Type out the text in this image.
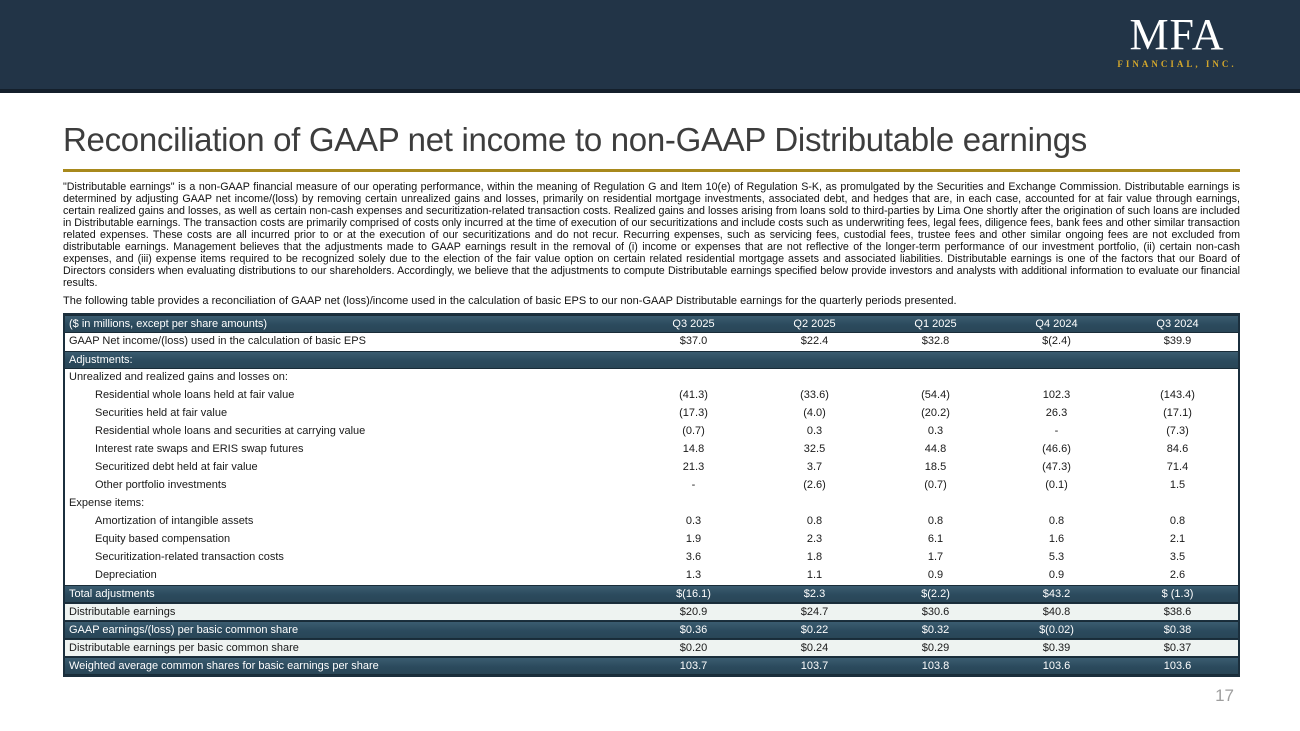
MFA
FINANCIAL, INC.
Reconciliation of GAAP net income to non-GAAP Distributable earnings

"Distributable earnings" is a non-GAAP financial measure of our operating performance, within the meaning of Regulation G and Item 10(e) of Regulation S-K, as promulgated by the Securities and Exchange Commission. Distributable earnings is determined by adjusting GAAP net income/(loss) by removing certain unrealized gains and losses, primarily on residential mortgage investments, associated debt, and hedges that are, in each case, accounted for at fair value through earnings, certain realized gains and losses, as well as certain non-cash expenses and securitization-related transaction costs. Realized gains and losses arising from loans sold to third-parties by Lima One shortly after the origination of such loans are included in Distributable earnings. The transaction costs are primarily comprised of costs only incurred at the time of execution of our securitizations and include costs such as underwriting fees, legal fees, diligence fees, bank fees and other similar transaction related expenses. These costs are all incurred prior to or at the execution of our securitizations and do not recur. Recurring expenses, such as servicing fees, custodial fees, trustee fees and other similar ongoing fees are not excluded from distributable earnings. Management believes that the adjustments made to GAAP earnings result in the removal of (i) income or expenses that are not reflective of the longer-term performance of our investment portfolio, (ii) certain non-cash expenses, and (iii) expense items required to be recognized solely due to the election of the fair value option on certain related residential mortgage assets and associated liabilities. Distributable earnings is one of the factors that our Board of Directors considers when evaluating distributions to our shareholders. Accordingly, we believe that the adjustments to compute Distributable earnings specified below provide investors and analysts with additional information to evaluate our financial results.

The following table provides a reconciliation of GAAP net (loss)/income used in the calculation of basic EPS to our non-GAAP Distributable earnings for the quarterly periods presented.

($ in millions, except per share amounts)	Q3 2025	Q2 2025	Q1 2025	Q4 2024	Q3 2024
GAAP Net income/(loss) used in the calculation of basic EPS	$37.0	$22.4	$32.8	$(2.4)	$39.9
Adjustments:
Unrealized and realized gains and losses on:
Residential whole loans held at fair value	(41.3)	(33.6)	(54.4)	102.3	(143.4)
Securities held at fair value	(17.3)	(4.0)	(20.2)	26.3	(17.1)
Residential whole loans and securities at carrying value	(0.7)	0.3	0.3	-	(7.3)
Interest rate swaps and ERIS swap futures	14.8	32.5	44.8	(46.6)	84.6
Securitized debt held at fair value	21.3	3.7	18.5	(47.3)	71.4
Other portfolio investments	-	(2.6)	(0.7)	(0.1)	1.5
Expense items:
Amortization of intangible assets	0.3	0.8	0.8	0.8	0.8
Equity based compensation	1.9	2.3	6.1	1.6	2.1
Securitization-related transaction costs	3.6	1.8	1.7	5.3	3.5
Depreciation	1.3	1.1	0.9	0.9	2.6
Total adjustments	$(16.1)	$2.3	$(2.2)	$43.2	$ (1.3)
Distributable earnings	$20.9	$24.7	$30.6	$40.8	$38.6
GAAP earnings/(loss) per basic common share	$0.36	$0.22	$0.32	$(0.02)	$0.38
Distributable earnings per basic common share	$0.20	$0.24	$0.29	$0.39	$0.37
Weighted average common shares for basic earnings per share	103.7	103.7	103.8	103.6	103.6
17
